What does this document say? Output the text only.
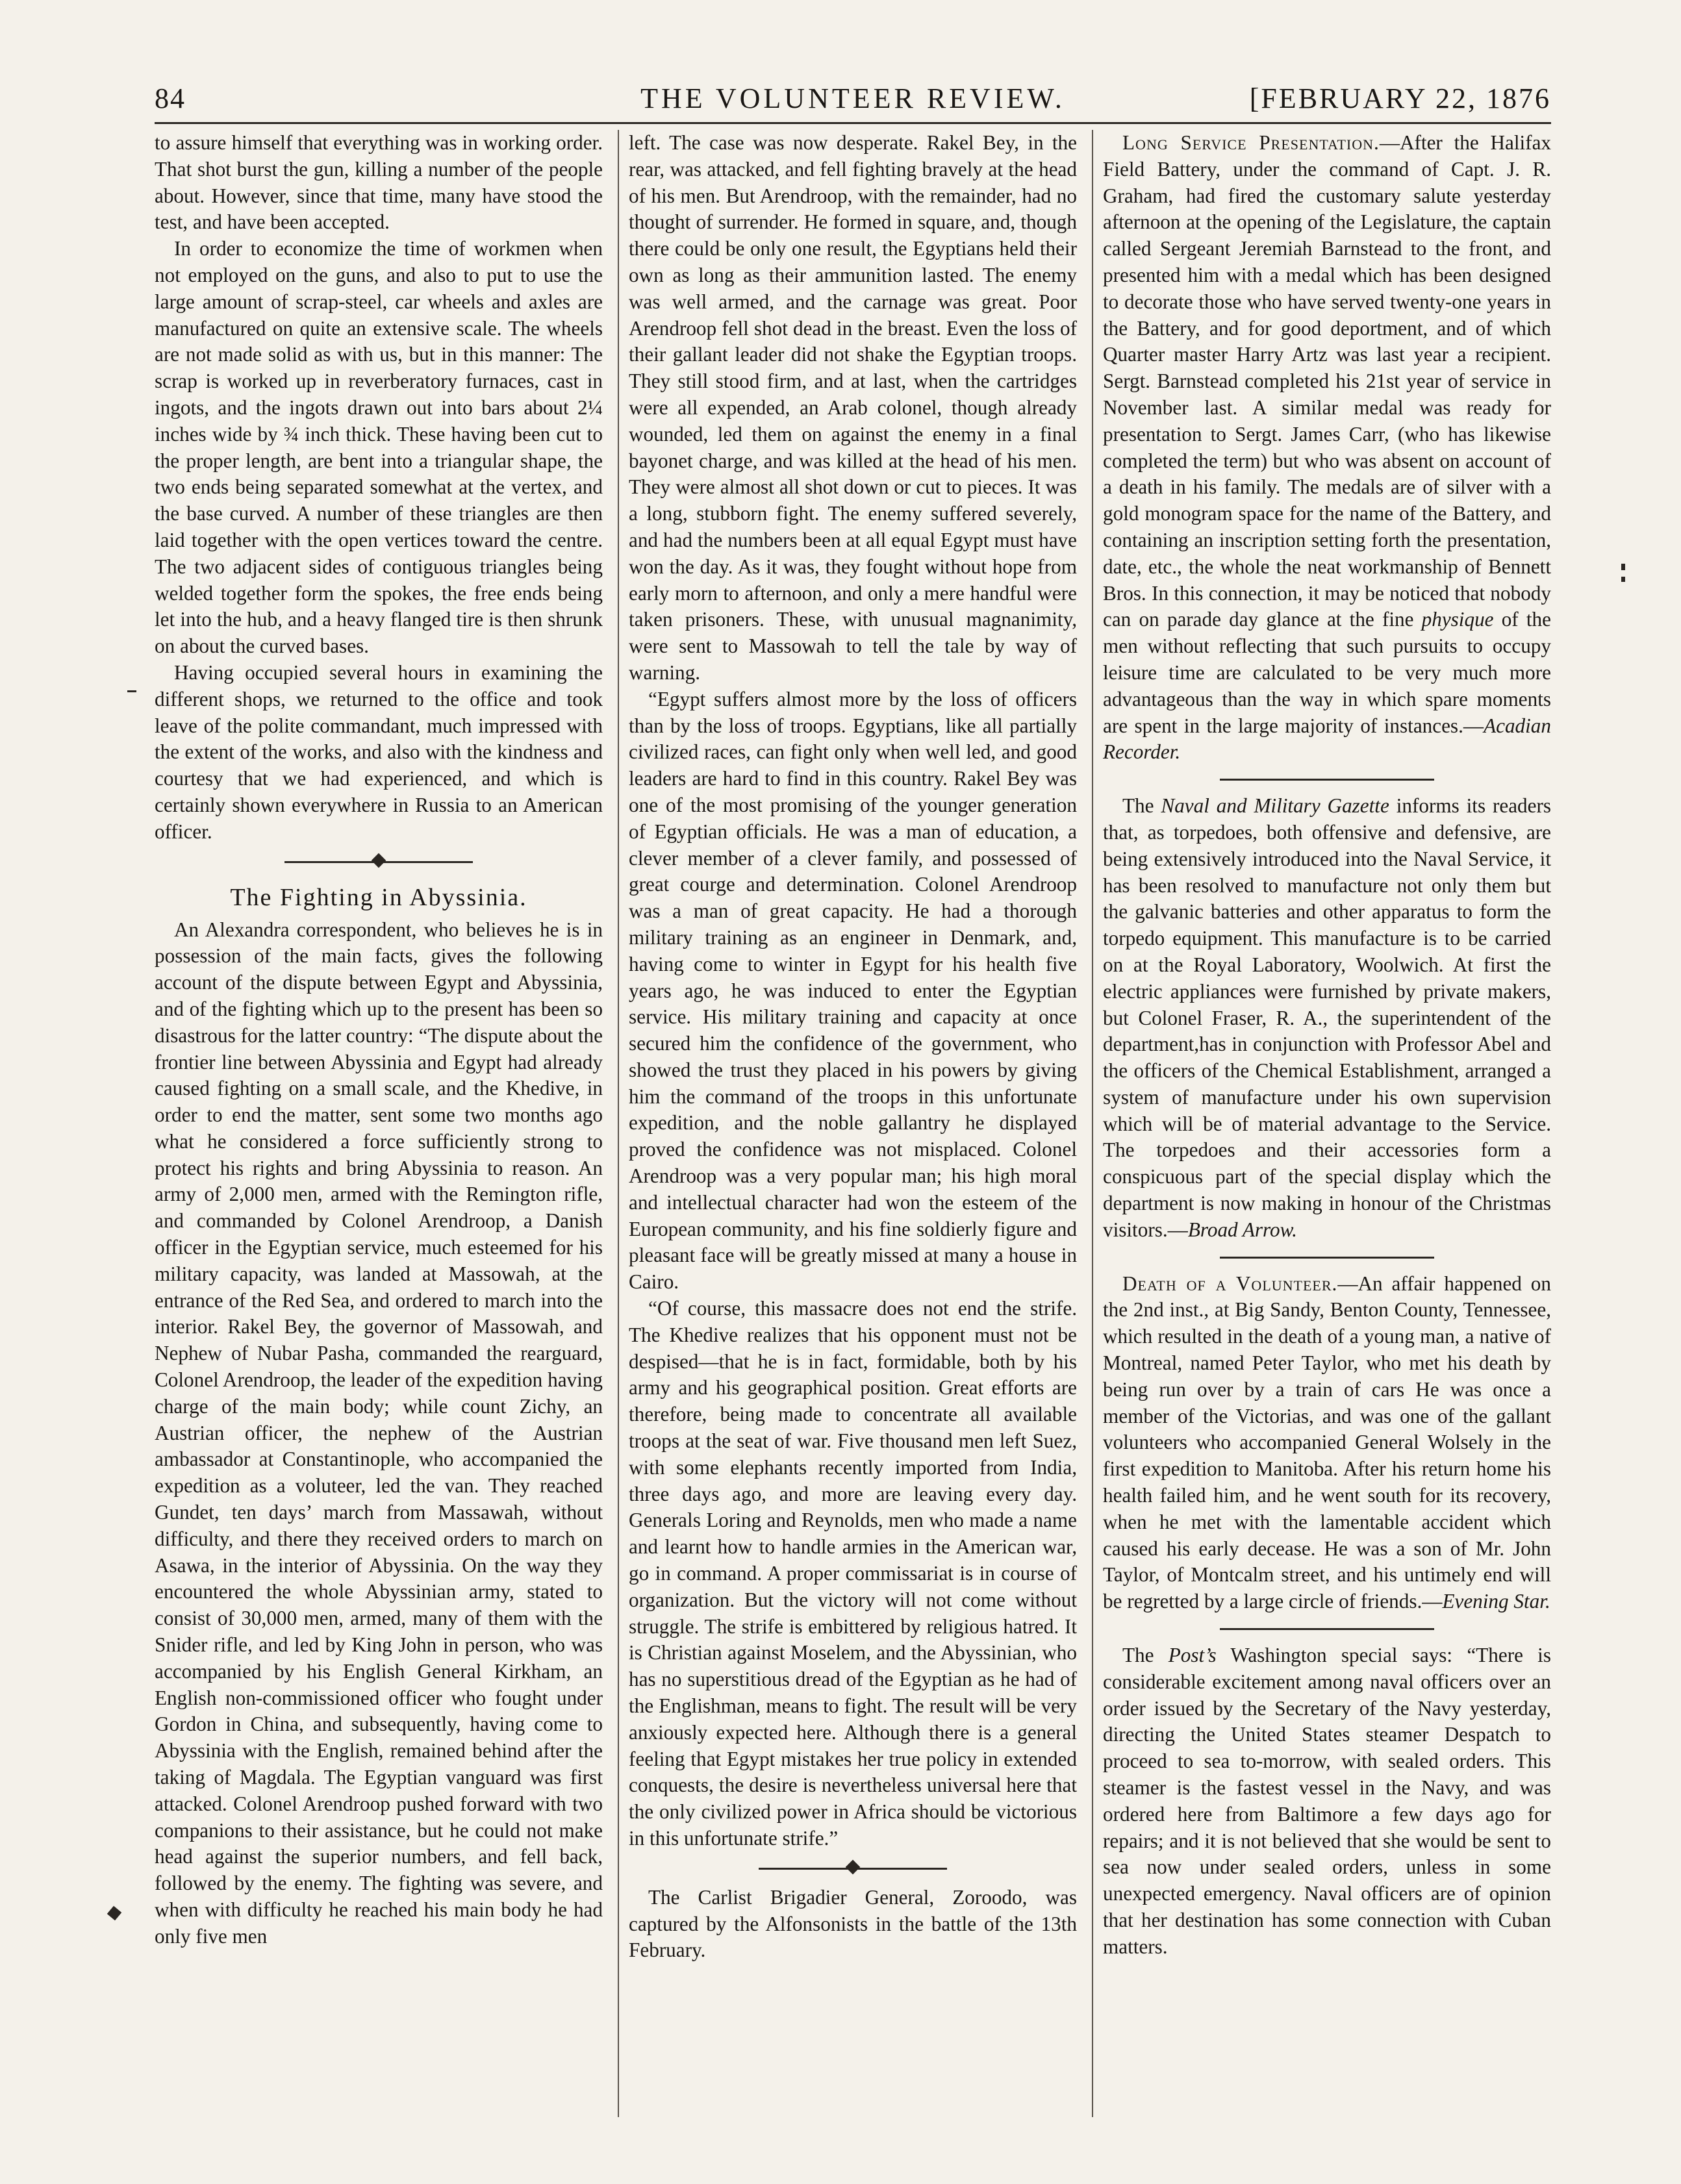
84	THE VOLUNTEER REVIEW.	[FEBRUARY 22, 1876

to assure himself that everything was in working order. That shot burst the gun, killing a number of the people about. However, since that time, many have stood the test, and have been accepted.

In order to economize the time of workmen when not employed on the guns, and also to put to use the large amount of scrap-steel, car wheels and axles are manufactured on quite an extensive scale. The wheels are not made solid as with us, but in this manner: The scrap is worked up in reverberatory furnaces, cast in ingots, and the ingots drawn out into bars about 2¼ inches wide by ¾ inch thick. These having been cut to the proper length, are bent into a triangular shape, the two ends being separated somewhat at the vertex, and the base curved. A number of these triangles are then laid together with the open vertices toward the centre. The two adjacent sides of contiguous triangles being welded together form the spokes, the free ends being let into the hub, and a heavy flanged tire is then shrunk on about the curved bases.

Having occupied several hours in examining the different shops, we returned to the office and took leave of the polite commandant, much impressed with the extent of the works, and also with the kindness and courtesy that we had experienced, and which is certainly shown everywhere in Russia to an American officer.

The Fighting in Abyssinia.

An Alexandra correspondent, who believes he is in possession of the main facts, gives the following account of the dispute between Egypt and Abyssinia, and of the fighting which up to the present has been so disastrous for the latter country: “The dispute about the frontier line between Abyssinia and Egypt had already caused fighting on a small scale, and the Khedive, in order to end the matter, sent some two months ago what he considered a force sufficiently strong to protect his rights and bring Abyssinia to reason. An army of 2,000 men, armed with the Remington rifle, and commanded by Colonel Arendroop, a Danish officer in the Egyptian service, much esteemed for his military capacity, was landed at Massowah, at the entrance of the Red Sea, and ordered to march into the interior. Rakel Bey, the governor of Massowah, and Nephew of Nubar Pasha, commanded the rearguard, Colonel Arendroop, the leader of the expedition having charge of the main body; while count Zichy, an Austrian officer, the nephew of the Austrian ambassador at Constantinople, who accompanied the expedition as a voluteer, led the van. They reached Gundet, ten days’ march from Massawah, without difficulty, and there they received orders to march on Asawa, in the interior of Abyssinia. On the way they encountered the whole Abyssinian army, stated to consist of 30,000 men, armed, many of them with the Snider rifle, and led by King John in person, who was accompanied by his English General Kirkham, an English non-commissioned officer who fought under Gordon in China, and subsequently, having come to Abyssinia with the English, remained behind after the taking of Magdala. The Egyptian vanguard was first attacked. Colonel Arendroop pushed forward with two companions to their assistance, but he could not make head against the superior numbers, and fell back, followed by the enemy. The fighting was severe, and when with difficulty he reached his main body he had only five men

left. The case was now desperate. Rakel Bey, in the rear, was attacked, and fell fighting bravely at the head of his men. But Arendroop, with the remainder, had no thought of surrender. He formed in square, and, though there could be only one result, the Egyptians held their own as long as their ammunition lasted. The enemy was well armed, and the carnage was great. Poor Arendroop fell shot dead in the breast. Even the loss of their gallant leader did not shake the Egyptian troops. They still stood firm, and at last, when the cartridges were all expended, an Arab colonel, though already wounded, led them on against the enemy in a final bayonet charge, and was killed at the head of his men. They were almost all shot down or cut to pieces. It was a long, stubborn fight. The enemy suffered severely, and had the numbers been at all equal Egypt must have won the day. As it was, they fought without hope from early morn to afternoon, and only a mere handful were taken prisoners. These, with unusual magnanimity, were sent to Massowah to tell the tale by way of warning.

“Egypt suffers almost more by the loss of officers than by the loss of troops. Egyptians, like all partially civilized races, can fight only when well led, and good leaders are hard to find in this country. Rakel Bey was one of the most promising of the younger generation of Egyptian officials. He was a man of education, a clever member of a clever family, and possessed of great courge and determination. Colonel Arendroop was a man of great capacity. He had a thorough military training as an engineer in Denmark, and, having come to winter in Egypt for his health five years ago, he was induced to enter the Egyptian service. His military training and capacity at once secured him the confidence of the government, who showed the trust they placed in his powers by giving him the command of the troops in this unfortunate expedition, and the noble gallantry he displayed proved the confidence was not misplaced. Colonel Arendroop was a very popular man; his high moral and intellectual character had won the esteem of the European community, and his fine soldierly figure and pleasant face will be greatly missed at many a house in Cairo.

“Of course, this massacre does not end the strife. The Khedive realizes that his opponent must not be despised—that he is in fact, formidable, both by his army and his geographical position. Great efforts are therefore, being made to concentrate all available troops at the seat of war. Five thousand men left Suez, with some elephants recently imported from India, three days ago, and more are leaving every day. Generals Loring and Reynolds, men who made a name and learnt how to handle armies in the American war, go in command. A proper commissariat is in course of organization. But the victory will not come without struggle. The strife is embittered by religious hatred. It is Christian against Moselem, and the Abyssinian, who has no superstitious dread of the Egyptian as he had of the Englishman, means to fight. The result will be very anxiously expected here. Although there is a general feeling that Egypt mistakes her true policy in extended conquests, the desire is nevertheless universal here that the only civilized power in Africa should be victorious in this unfortunate strife.”

The Carlist Brigadier General, Zoroodo, was captured by the Alfonsonists in the battle of the 13th February.

Long Service Presentation.—After the Halifax Field Battery, under the command of Capt. J. R. Graham, had fired the customary salute yesterday afternoon at the opening of the Legislature, the captain called Sergeant Jeremiah Barnstead to the front, and presented him with a medal which has been designed to decorate those who have served twenty-one years in the Battery, and for good deportment, and of which Quarter master Harry Artz was last year a recipient. Sergt. Barnstead completed his 21st year of service in November last. A similar medal was ready for presentation to Sergt. James Carr, (who has likewise completed the term) but who was absent on account of a death in his family. The medals are of silver with a gold monogram space for the name of the Battery, and containing an inscription setting forth the presentation, date, etc., the whole the neat workmanship of Bennett Bros. In this connection, it may be noticed that nobody can on parade day glance at the fine physique of the men without reflecting that such pursuits to occupy leisure time are calculated to be very much more advantageous than the way in which spare moments are spent in the large majority of instances.—Acadian Recorder.

The Naval and Military Gazette informs its readers that, as torpedoes, both offensive and defensive, are being extensively introduced into the Naval Service, it has been resolved to manufacture not only them but the galvanic batteries and other apparatus to form the torpedo equipment. This manufacture is to be carried on at the Royal Laboratory, Woolwich. At first the electric appliances were furnished by private makers, but Colonel Fraser, R. A., the superintendent of the department,has in conjunction with Professor Abel and the officers of the Chemical Establishment, arranged a system of manufacture under his own supervision which will be of material advantage to the Service. The torpedoes and their accessories form a conspicuous part of the special display which the department is now making in honour of the Christmas visitors.—Broad Arrow.

Death of a Volunteer.—An affair happened on the 2nd inst., at Big Sandy, Benton County, Tennessee, which resulted in the death of a young man, a native of Montreal, named Peter Taylor, who met his death by being run over by a train of cars He was once a member of the Victorias, and was one of the gallant volunteers who accompanied General Wolsely in the first expedition to Manitoba. After his return home his health failed him, and he went south for its recovery, when he met with the lamentable accident which caused his early decease. He was a son of Mr. John Taylor, of Montcalm street, and his untimely end will be regretted by a large circle of friends.—Evening Star.

The Post’s Washington special says: “There is considerable excitement among naval officers over an order issued by the Secretary of the Navy yesterday, directing the United States steamer Despatch to proceed to sea to-morrow, with sealed orders. This steamer is the fastest vessel in the Navy, and was ordered here from Baltimore a few days ago for repairs; and it is not believed that she would be sent to sea now under sealed orders, unless in some unexpected emergency. Naval officers are of opinion that her destination has some connection with Cuban matters.
